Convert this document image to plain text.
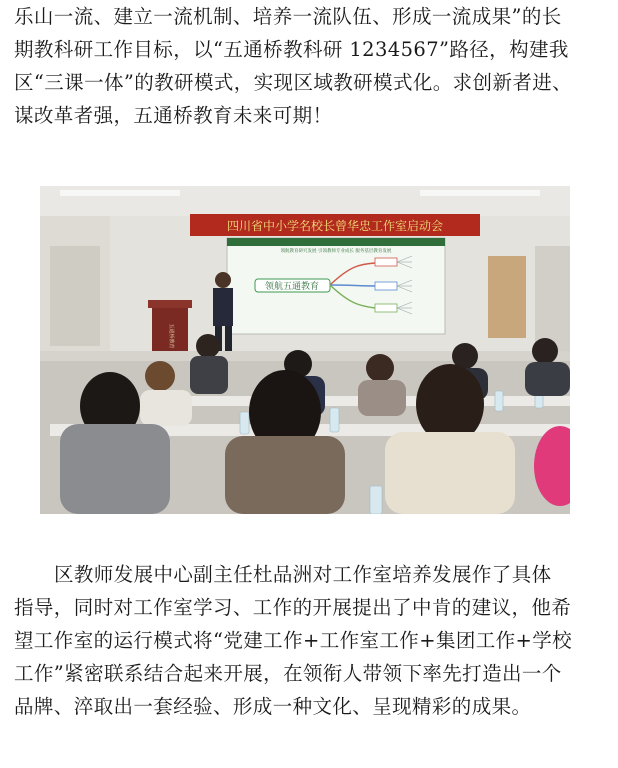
乐山一流、建立一流机制、培养一流队伍、形成一流成果”的长
期教科研工作目标，以“五通桥教科研 1234567”路径，构建我
区“三课一体”的教研模式，实现区域教研模式化。求创新者进、
谋改革者强，五通桥教育未来可期！
四川省中小学名校长曾华忠工作室启动会
领航教育研究发展 引领教师专业成长 服务基层教育发展
领航五通教育
五通桥教育
区教师发展中心副主任杜品洲对工作室培养发展作了具体
指导，同时对工作室学习、工作的开展提出了中肯的建议，他希
望工作室的运行模式将“党建工作+工作室工作+集团工作+学校
工作”紧密联系结合起来开展，在领衔人带领下率先打造出一个
品牌、淬取出一套经验、形成一种文化、呈现精彩的成果。
